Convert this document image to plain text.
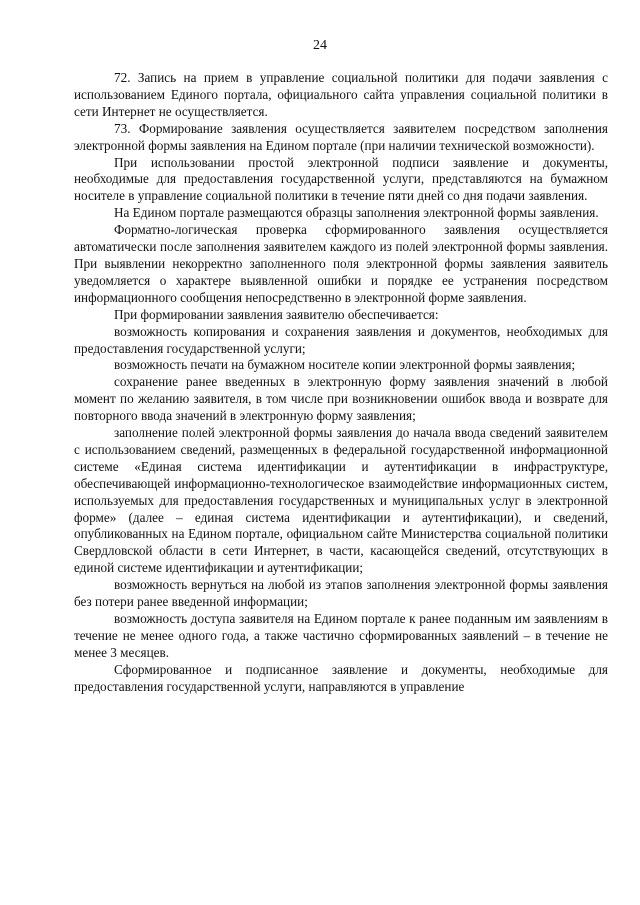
24

72. Запись на прием в управление социальной политики для подачи заявления с использованием Единого портала, официального сайта управления социальной политики в сети Интернет не осуществляется.

73. Формирование заявления осуществляется заявителем посредством заполнения электронной формы заявления на Едином портале (при наличии технической возможности).

При использовании простой электронной подписи заявление и документы, необходимые для предоставления государственной услуги, представляются на бумажном носителе в управление социальной политики в течение пяти дней со дня подачи заявления.

На Едином портале размещаются образцы заполнения электронной формы заявления.

Форматно-логическая проверка сформированного заявления осуществляется автоматически после заполнения заявителем каждого из полей электронной формы заявления. При выявлении некорректно заполненного поля электронной формы заявления заявитель уведомляется о характере выявленной ошибки и порядке ее устранения посредством информационного сообщения непосредственно в электронной форме заявления.

При формировании заявления заявителю обеспечивается:

возможность копирования и сохранения заявления и документов, необходимых для предоставления государственной услуги;

возможность печати на бумажном носителе копии электронной формы заявления;

сохранение ранее введенных в электронную форму заявления значений в любой момент по желанию заявителя, в том числе при возникновении ошибок ввода и возврате для повторного ввода значений в электронную форму заявления;

заполнение полей электронной формы заявления до начала ввода сведений заявителем с использованием сведений, размещенных в федеральной государственной информационной системе «Единая система идентификации и аутентификации в инфраструктуре, обеспечивающей информационно-технологическое взаимодействие информационных систем, используемых для предоставления государственных и муниципальных услуг в электронной форме» (далее – единая система идентификации и аутентификации), и сведений, опубликованных на Едином портале, официальном сайте Министерства социальной политики Свердловской области в сети Интернет, в части, касающейся сведений, отсутствующих в единой системе идентификации и аутентификации;

возможность вернуться на любой из этапов заполнения электронной формы заявления без потери ранее введенной информации;

возможность доступа заявителя на Едином портале к ранее поданным им заявлениям в течение не менее одного года, а также частично сформированных заявлений – в течение не менее 3 месяцев.

Сформированное и подписанное заявление и документы, необходимые для предоставления государственной услуги, направляются в управление
